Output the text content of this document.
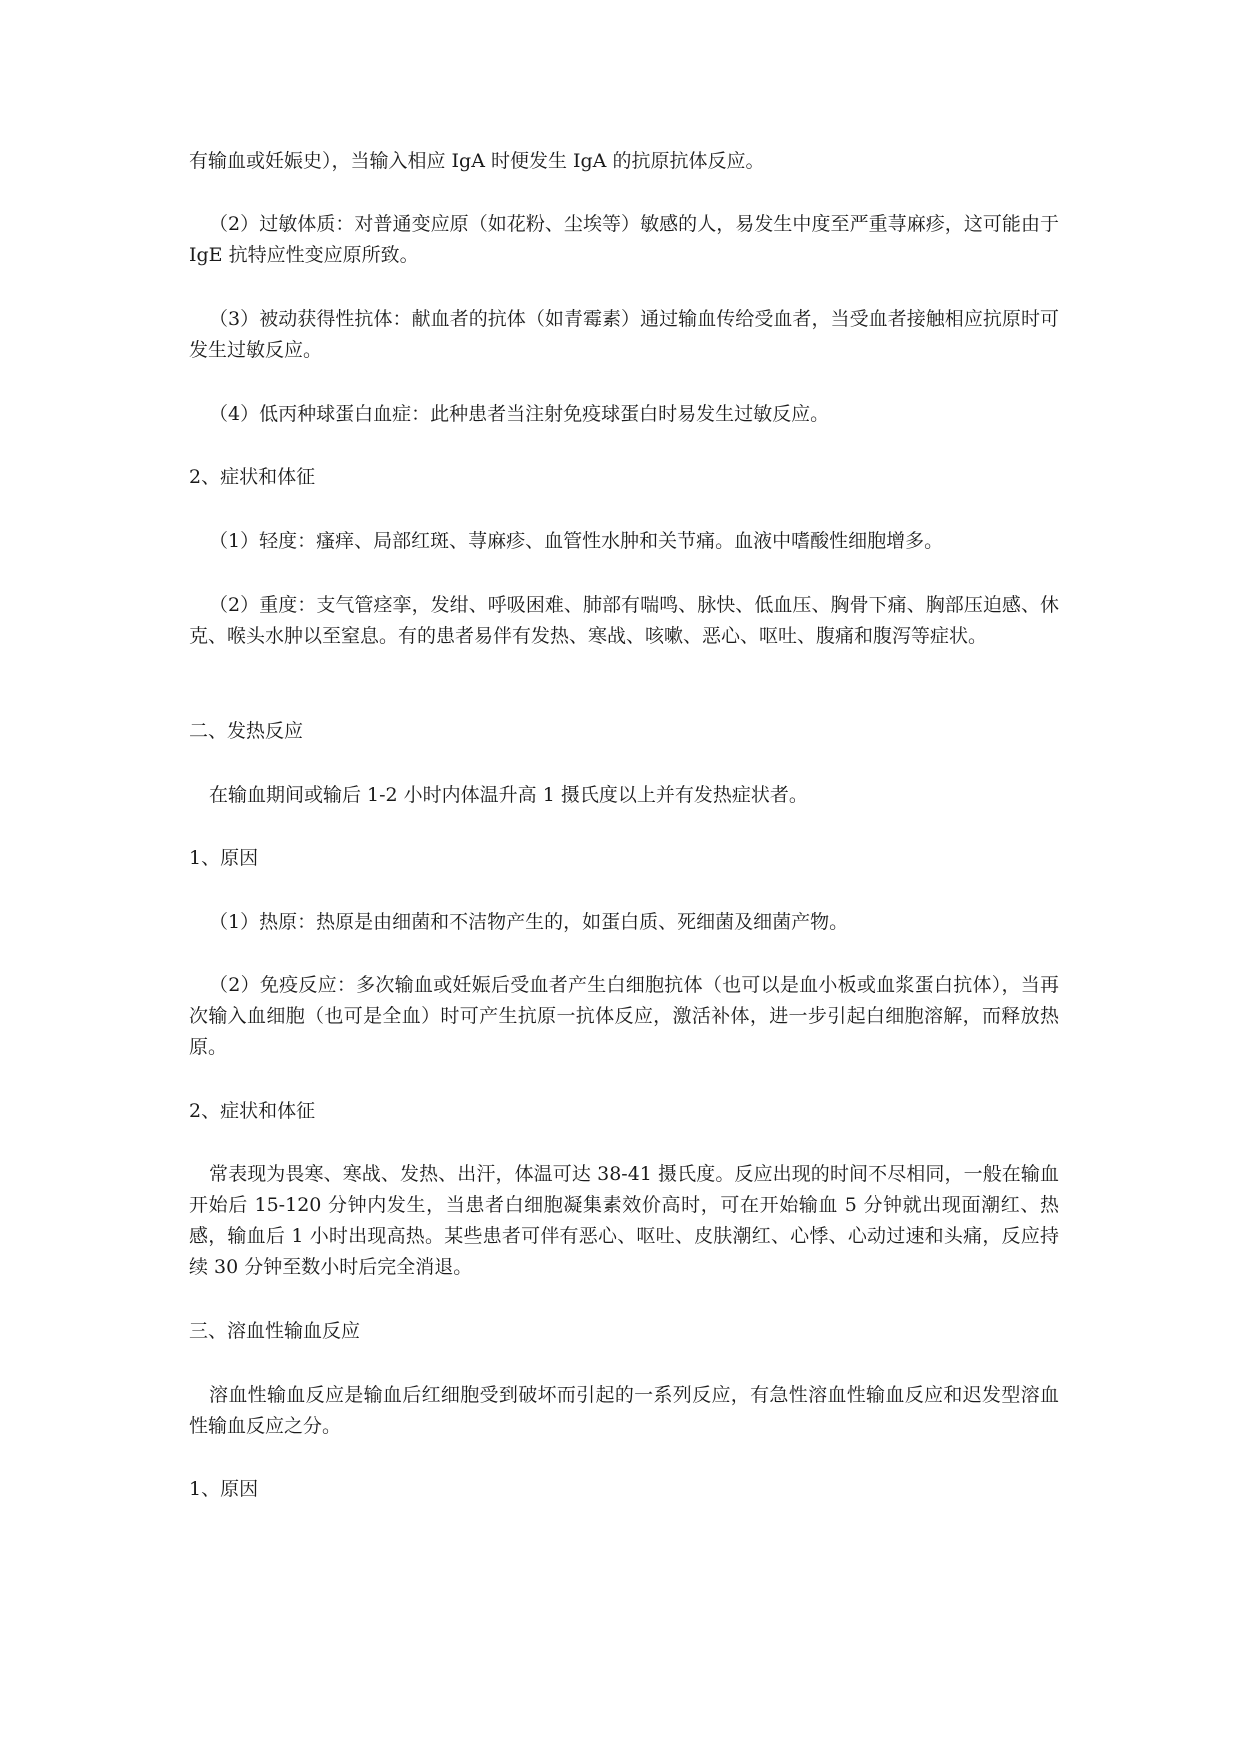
有输血或妊娠史），当输入相应 IgA 时便发生 IgA 的抗原抗体反应。

（2）过敏体质：对普通变应原（如花粉、尘埃等）敏感的人，易发生中度至严重荨麻疹，这可能由于 IgE 抗特应性变应原所致。

（3）被动获得性抗体：献血者的抗体（如青霉素）通过输血传给受血者，当受血者接触相应抗原时可发生过敏反应。

（4）低丙种球蛋白血症：此种患者当注射免疫球蛋白时易发生过敏反应。

2、症状和体征

（1）轻度：瘙痒、局部红斑、荨麻疹、血管性水肿和关节痛。血液中嗜酸性细胞增多。

（2）重度：支气管痉挛，发绀、呼吸困难、肺部有喘鸣、脉快、低血压、胸骨下痛、胸部压迫感、休克、喉头水肿以至窒息。有的患者易伴有发热、寒战、咳嗽、恶心、呕吐、腹痛和腹泻等症状。

二、发热反应

在输血期间或输后 1-2 小时内体温升高 1 摄氏度以上并有发热症状者。

1、原因

（1）热原：热原是由细菌和不洁物产生的，如蛋白质、死细菌及细菌产物。

（2）免疫反应：多次输血或妊娠后受血者产生白细胞抗体（也可以是血小板或血浆蛋白抗体），当再次输入血细胞（也可是全血）时可产生抗原一抗体反应，激活补体，进一步引起白细胞溶解，而释放热原。

2、症状和体征

常表现为畏寒、寒战、发热、出汗，体温可达 38-41 摄氏度。反应出现的时间不尽相同，一般在输血开始后 15-120 分钟内发生，当患者白细胞凝集素效价高时，可在开始输血 5 分钟就出现面潮红、热感，输血后 1 小时出现高热。某些患者可伴有恶心、呕吐、皮肤潮红、心悸、心动过速和头痛，反应持续 30 分钟至数小时后完全消退。

三、溶血性输血反应

溶血性输血反应是输血后红细胞受到破坏而引起的一系列反应，有急性溶血性输血反应和迟发型溶血性输血反应之分。

1、原因
